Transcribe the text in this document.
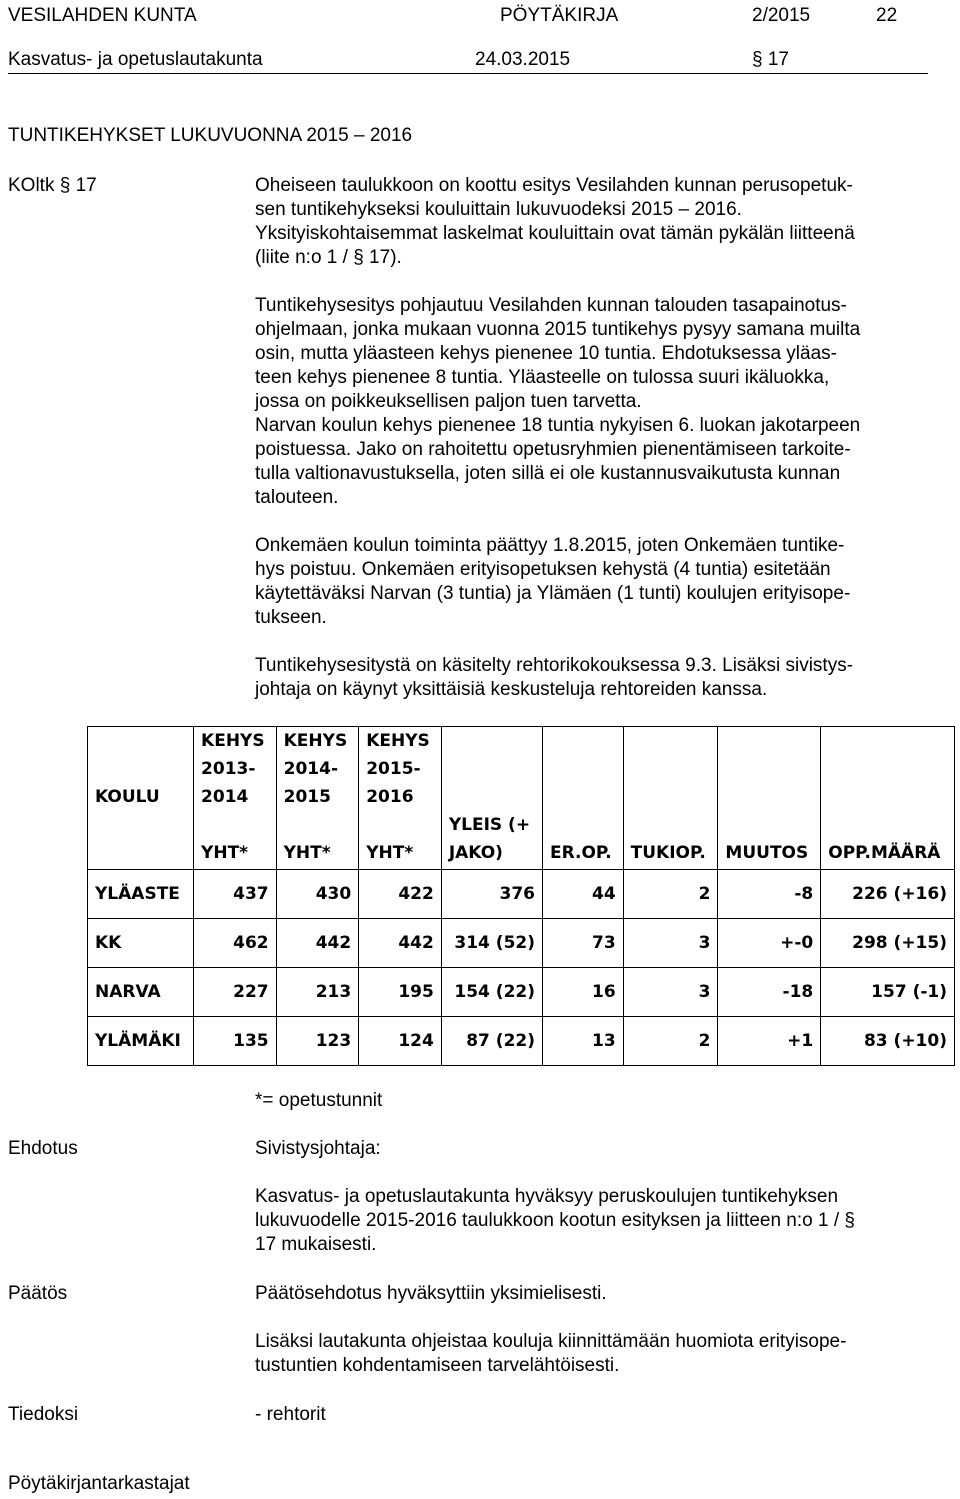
VESILAHDEN KUNTA	PÖYTÄKIRJA	2/2015	22
Kasvatus- ja opetuslautakunta	24.03.2015	§ 17
TUNTIKEHYKSET LUKUVUONNA 2015 – 2016
KOltk § 17	Oheiseen taulukkoon on koottu esitys Vesilahden kunnan perusopetuk-

sen tuntikehykseksi kouluittain lukuvuodeksi 2015 – 2016.

Yksityiskohtaisemmat laskelmat kouluittain ovat tämän pykälän liitteenä

(liite n:o 1 / § 17).

Tuntikehysesitys pohjautuu Vesilahden kunnan talouden tasapainotus-

ohjelmaan, jonka mukaan vuonna 2015 tuntikehys pysyy samana muilta

osin, mutta yläasteen kehys pienenee 10 tuntia. Ehdotuksessa yläas-

teen kehys pienenee 8 tuntia. Yläasteelle on tulossa suuri ikäluokka,

jossa on poikkeuksellisen paljon tuen tarvetta.

Narvan koulun kehys pienenee 18 tuntia nykyisen 6. luokan jakotarpeen

poistuessa. Jako on rahoitettu opetusryhmien pienentämiseen tarkoite-

tulla valtionavustuksella, joten sillä ei ole kustannusvaikutusta kunnan

talouteen.

Onkemäen koulun toiminta päättyy 1.8.2015, joten Onkemäen tuntike-

hys poistuu. Onkemäen erityisopetuksen kehystä (4 tuntia) esitetään

käytettäväksi Narvan (3 tuntia) ja Ylämäen (1 tunti) koulujen erityisope-

tukseen.

Tuntikehysesitystä on käsitelty rehtorikokouksessa 9.3. Lisäksi sivistys-

johtaja on käynyt yksittäisiä keskusteluja rehtoreiden kanssa.

KOULU	KEHYS
2013-
2014
YHT*	KEHYS
2014-
2015
YHT*	KEHYS
2015-
2016
YHT*	YLEIS (+
JAKO)	ER.OP.	TUKIOP.	MUUTOS	OPP.MÄÄRÄ
YLÄASTE	437	430	422	376	44	2	-8	226 (+16)
KK	462	442	442	314 (52)	73	3	+-0	298 (+15)
NARVA	227	213	195	154 (22)	16	3	-18	157 (-1)
YLÄMÄKI	135	123	124	87 (22)	13	2	+1	83 (+10)
*= opetustunnit
Ehdotus	Sivistysjohtaja:

Kasvatus- ja opetuslautakunta hyväksyy peruskoulujen tuntikehyksen

lukuvuodelle 2015-2016 taulukkoon kootun esityksen ja liitteen n:o 1 / §

17 mukaisesti.

Päätös	Päätösehdotus hyväksyttiin yksimielisesti.

Lisäksi lautakunta ohjeistaa kouluja kiinnittämään huomiota erityisope-

tustuntien kohdentamiseen tarvelähtöisesti.

Tiedoksi	- rehtorit
Pöytäkirjantarkastajat
